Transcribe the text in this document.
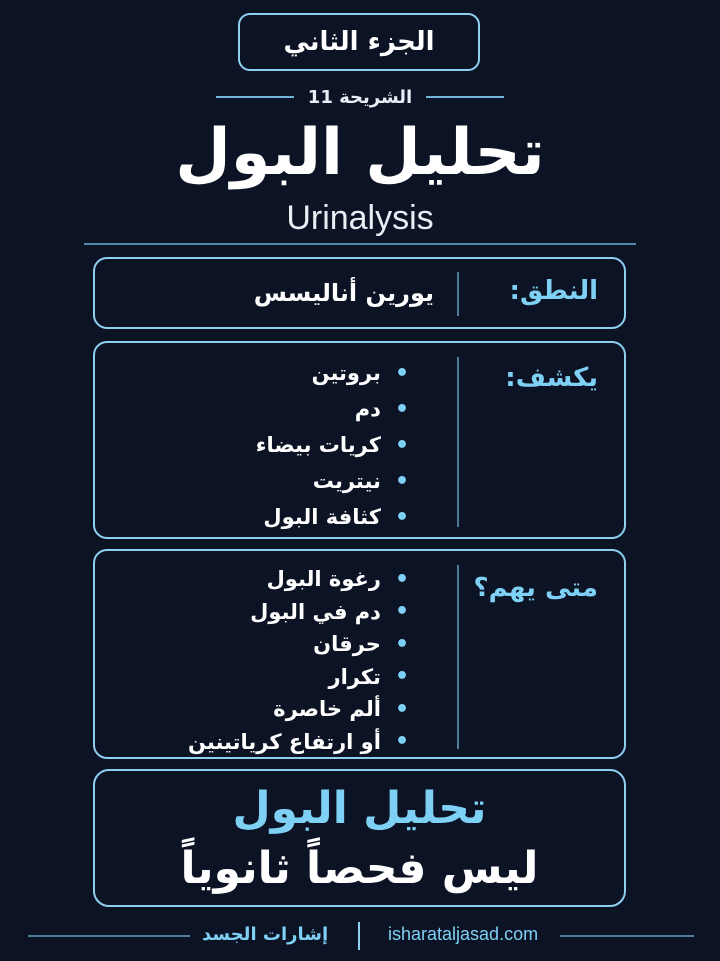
الجزء الثاني
الشريحة 11
تحليل البول
Urinalysis
النطق:
يورين أناليسس
يكشف:
•
بروتين
•
دم
•
كريات بيضاء
•
نيتريت
•
كثافة البول
متى يهم؟
•
رغوة البول
•
دم في البول
•
حرقان
•
تكرار
•
ألم خاصرة
•
أو ارتفاع كرياتينين
تحليل البول
ليس فحصاً ثانوياً
إشارات الجسد	isharataljasad.com
